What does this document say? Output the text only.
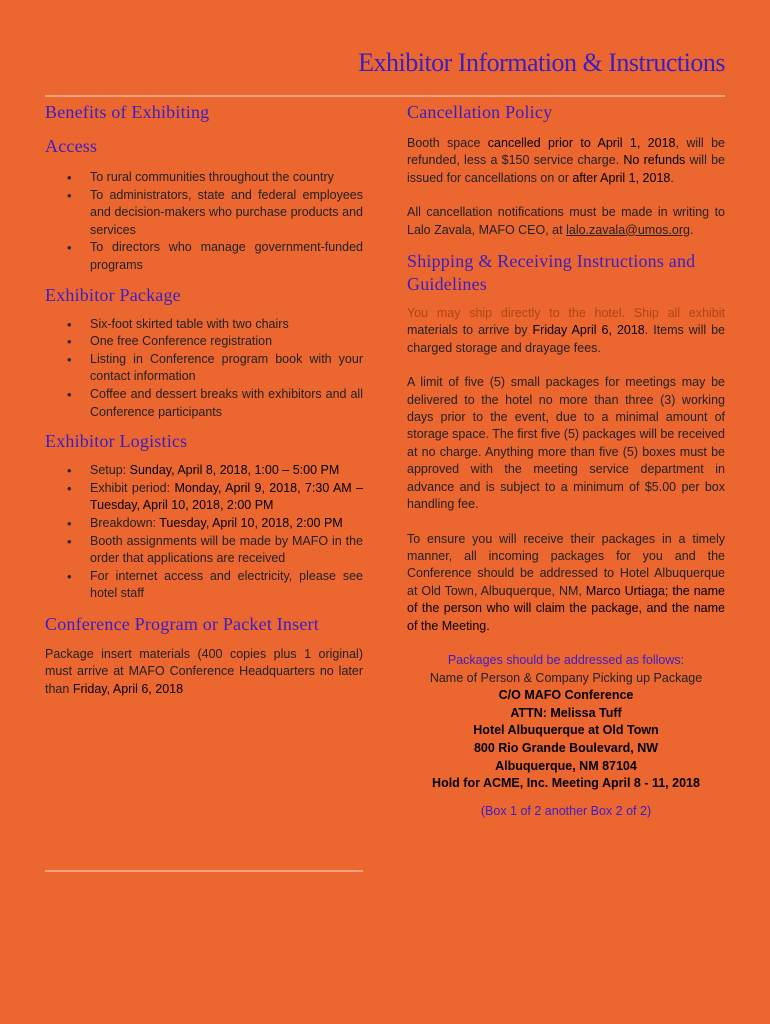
Exhibitor Information & Instructions
Benefits of Exhibiting
Access
• To rural communities throughout the country
• To administrators, state and federal employees and decision-makers who purchase products and services
• To directors who manage government-funded programs
Exhibitor Package
• Six-foot skirted table with two chairs
• One free Conference registration
• Listing in Conference program book with your contact information
• Coffee and dessert breaks with exhibitors and all Conference participants
Exhibitor Logistics
• Setup: Sunday, April 8, 2018, 1:00 – 5:00 PM
• Exhibit period: Monday, April 9, 2018, 7:30 AM – Tuesday, April 10, 2018, 2:00 PM
• Breakdown: Tuesday, April 10, 2018, 2:00 PM
• Booth assignments will be made by MAFO in the order that applications are received
• For internet access and electricity, please see hotel staff
Conference Program or Packet Insert

Package insert materials (400 copies plus 1 original) must arrive at MAFO Conference Headquarters no later than Friday, April 6, 2018

Cancellation Policy

Booth space cancelled prior to April 1, 2018, will be refunded, less a $150 service charge. No refunds will be issued for cancellations on or after April 1, 2018.

All cancellation notifications must be made in writing to Lalo Zavala, MAFO CEO, at lalo.zavala@umos.org.

Shipping & Receiving Instructions and Guidelines

You may ship directly to the hotel. Ship all exhibit materials to arrive by Friday April 6, 2018. Items will be charged storage and drayage fees.

A limit of five (5) small packages for meetings may be delivered to the hotel no more than three (3) working days prior to the event, due to a minimal amount of storage space. The first five (5) packages will be received at no charge. Anything more than five (5) boxes must be approved with the meeting service department in advance and is subject to a minimum of $5.00 per box handling fee.

To ensure you will receive their packages in a timely manner, all incoming packages for you and the Conference should be addressed to Hotel Albuquerque at Old Town, Albuquerque, NM, Marco Urtiaga; the name of the person who will claim the package, and the name of the Meeting.

Packages should be addressed as follows:
Name of Person & Company Picking up Package
C/O MAFO Conference
ATTN: Melissa Tuff
Hotel Albuquerque at Old Town
800 Rio Grande Boulevard, NW
Albuquerque, NM 87104
Hold for ACME, Inc. Meeting April 8 - 11, 2018
(Box 1 of 2 another Box 2 of 2)
